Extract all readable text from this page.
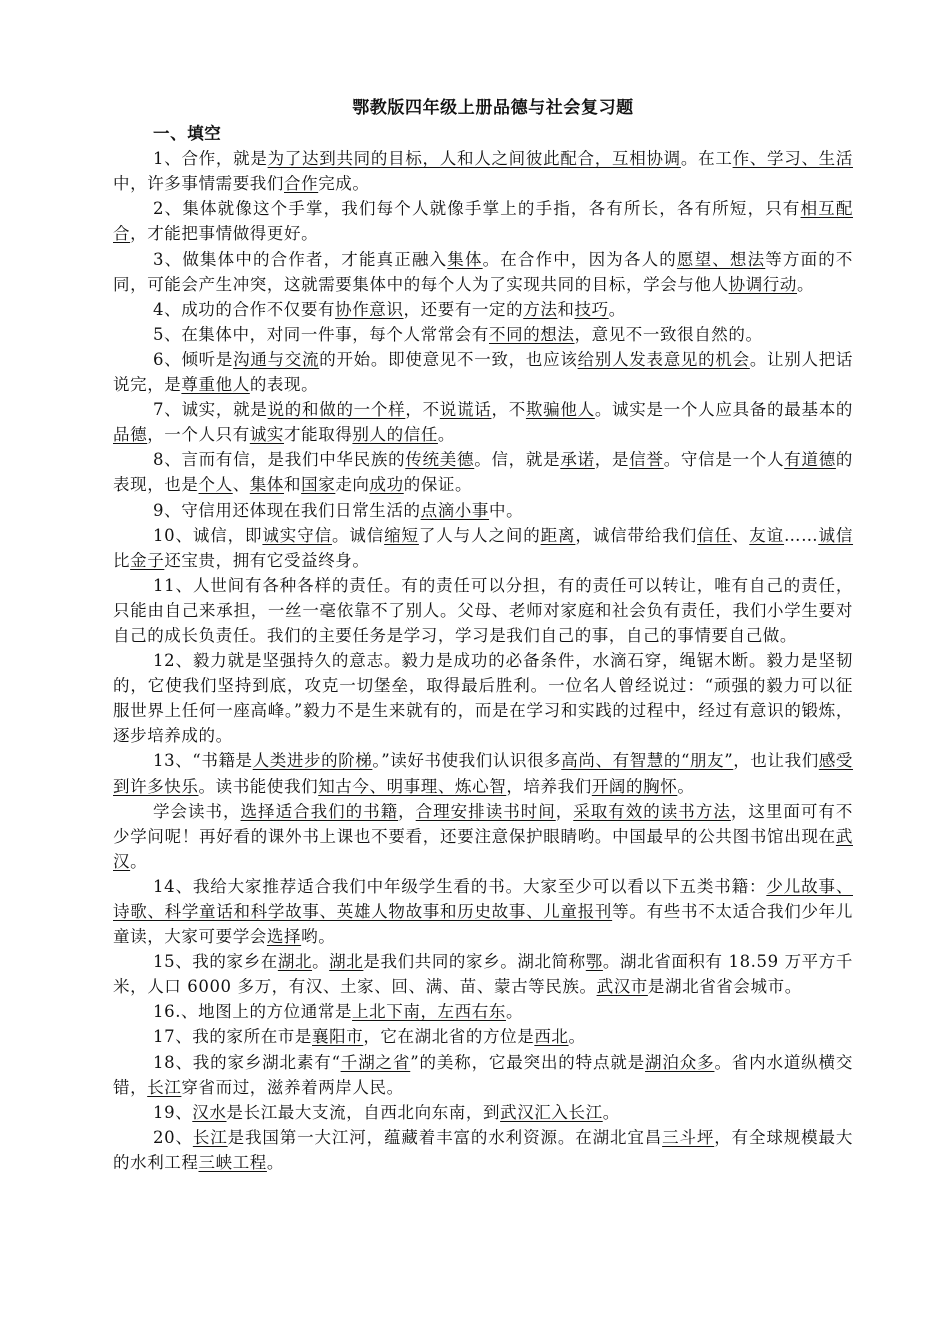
鄂教版四年级上册品德与社会复习题
一、填空

1、合作，就是为了达到共同的目标，人和人之间彼此配合，互相协调。在工作、学习、生活中，许多事情需要我们合作完成。

2、集体就像这个手掌，我们每个人就像手掌上的手指，各有所长，各有所短，只有相互配合，才能把事情做得更好。

3、做集体中的合作者，才能真正融入集体。在合作中，因为各人的愿望、想法等方面的不同，可能会产生冲突，这就需要集体中的每个人为了实现共同的目标，学会与他人协调行动。

4、成功的合作不仅要有协作意识，还要有一定的方法和技巧。

5、在集体中，对同一件事，每个人常常会有不同的想法，意见不一致很自然的。

6、倾听是沟通与交流的开始。即使意见不一致，也应该给别人发表意见的机会。让别人把话说完，是尊重他人的表现。

7、诚实，就是说的和做的一个样，不说谎话，不欺骗他人。诚实是一个人应具备的最基本的品德，一个人只有诚实才能取得别人的信任。

8、言而有信，是我们中华民族的传统美德。信，就是承诺，是信誉。守信是一个人有道德的表现，也是个人、集体和国家走向成功的保证。

9、守信用还体现在我们日常生活的点滴小事中。

10、诚信，即诚实守信。诚信缩短了人与人之间的距离，诚信带给我们信任、友谊……诚信比金子还宝贵，拥有它受益终身。

11、人世间有各种各样的责任。有的责任可以分担，有的责任可以转让，唯有自己的责任，只能由自己来承担，一丝一毫依靠不了别人。父母、老师对家庭和社会负有责任，我们小学生要对自己的成长负责任。我们的主要任务是学习，学习是我们自己的事，自己的事情要自己做。

12、毅力就是坚强持久的意志。毅力是成功的必备条件，水滴石穿，绳锯木断。毅力是坚韧的，它使我们坚持到底，攻克一切堡垒，取得最后胜利。一位名人曾经说过：“顽强的毅力可以征服世界上任何一座高峰。”毅力不是生来就有的，而是在学习和实践的过程中，经过有意识的锻炼，逐步培养成的。

13、“书籍是人类进步的阶梯。”读好书使我们认识很多高尚、有智慧的“朋友”，也让我们感受到许多快乐。读书能使我们知古今、明事理、炼心智，培养我们开阔的胸怀。

学会读书，选择适合我们的书籍，合理安排读书时间，采取有效的读书方法，这里面可有不少学问呢！再好看的课外书上课也不要看，还要注意保护眼睛哟。中国最早的公共图书馆出现在武汉。

14、我给大家推荐适合我们中年级学生看的书。大家至少可以看以下五类书籍：少儿故事、诗歌、科学童话和科学故事、英雄人物故事和历史故事、儿童报刊等。有些书不太适合我们少年儿童读，大家可要学会选择哟。

15、我的家乡在湖北。湖北是我们共同的家乡。湖北简称鄂。湖北省面积有 18.59 万平方千米，人口 6000 多万，有汉、土家、回、满、苗、蒙古等民族。武汉市是湖北省省会城市。

16.、地图上的方位通常是上北下南，左西右东。

17、我的家所在市是襄阳市，它在湖北省的方位是西北。

18、我的家乡湖北素有“千湖之省”的美称，它最突出的特点就是湖泊众多。省内水道纵横交错，长江穿省而过，滋养着两岸人民。

19、汉水是长江最大支流，自西北向东南，到武汉汇入长江。

20、长江是我国第一大江河，蕴藏着丰富的水利资源。在湖北宜昌三斗坪，有全球规模最大的水利工程三峡工程。
